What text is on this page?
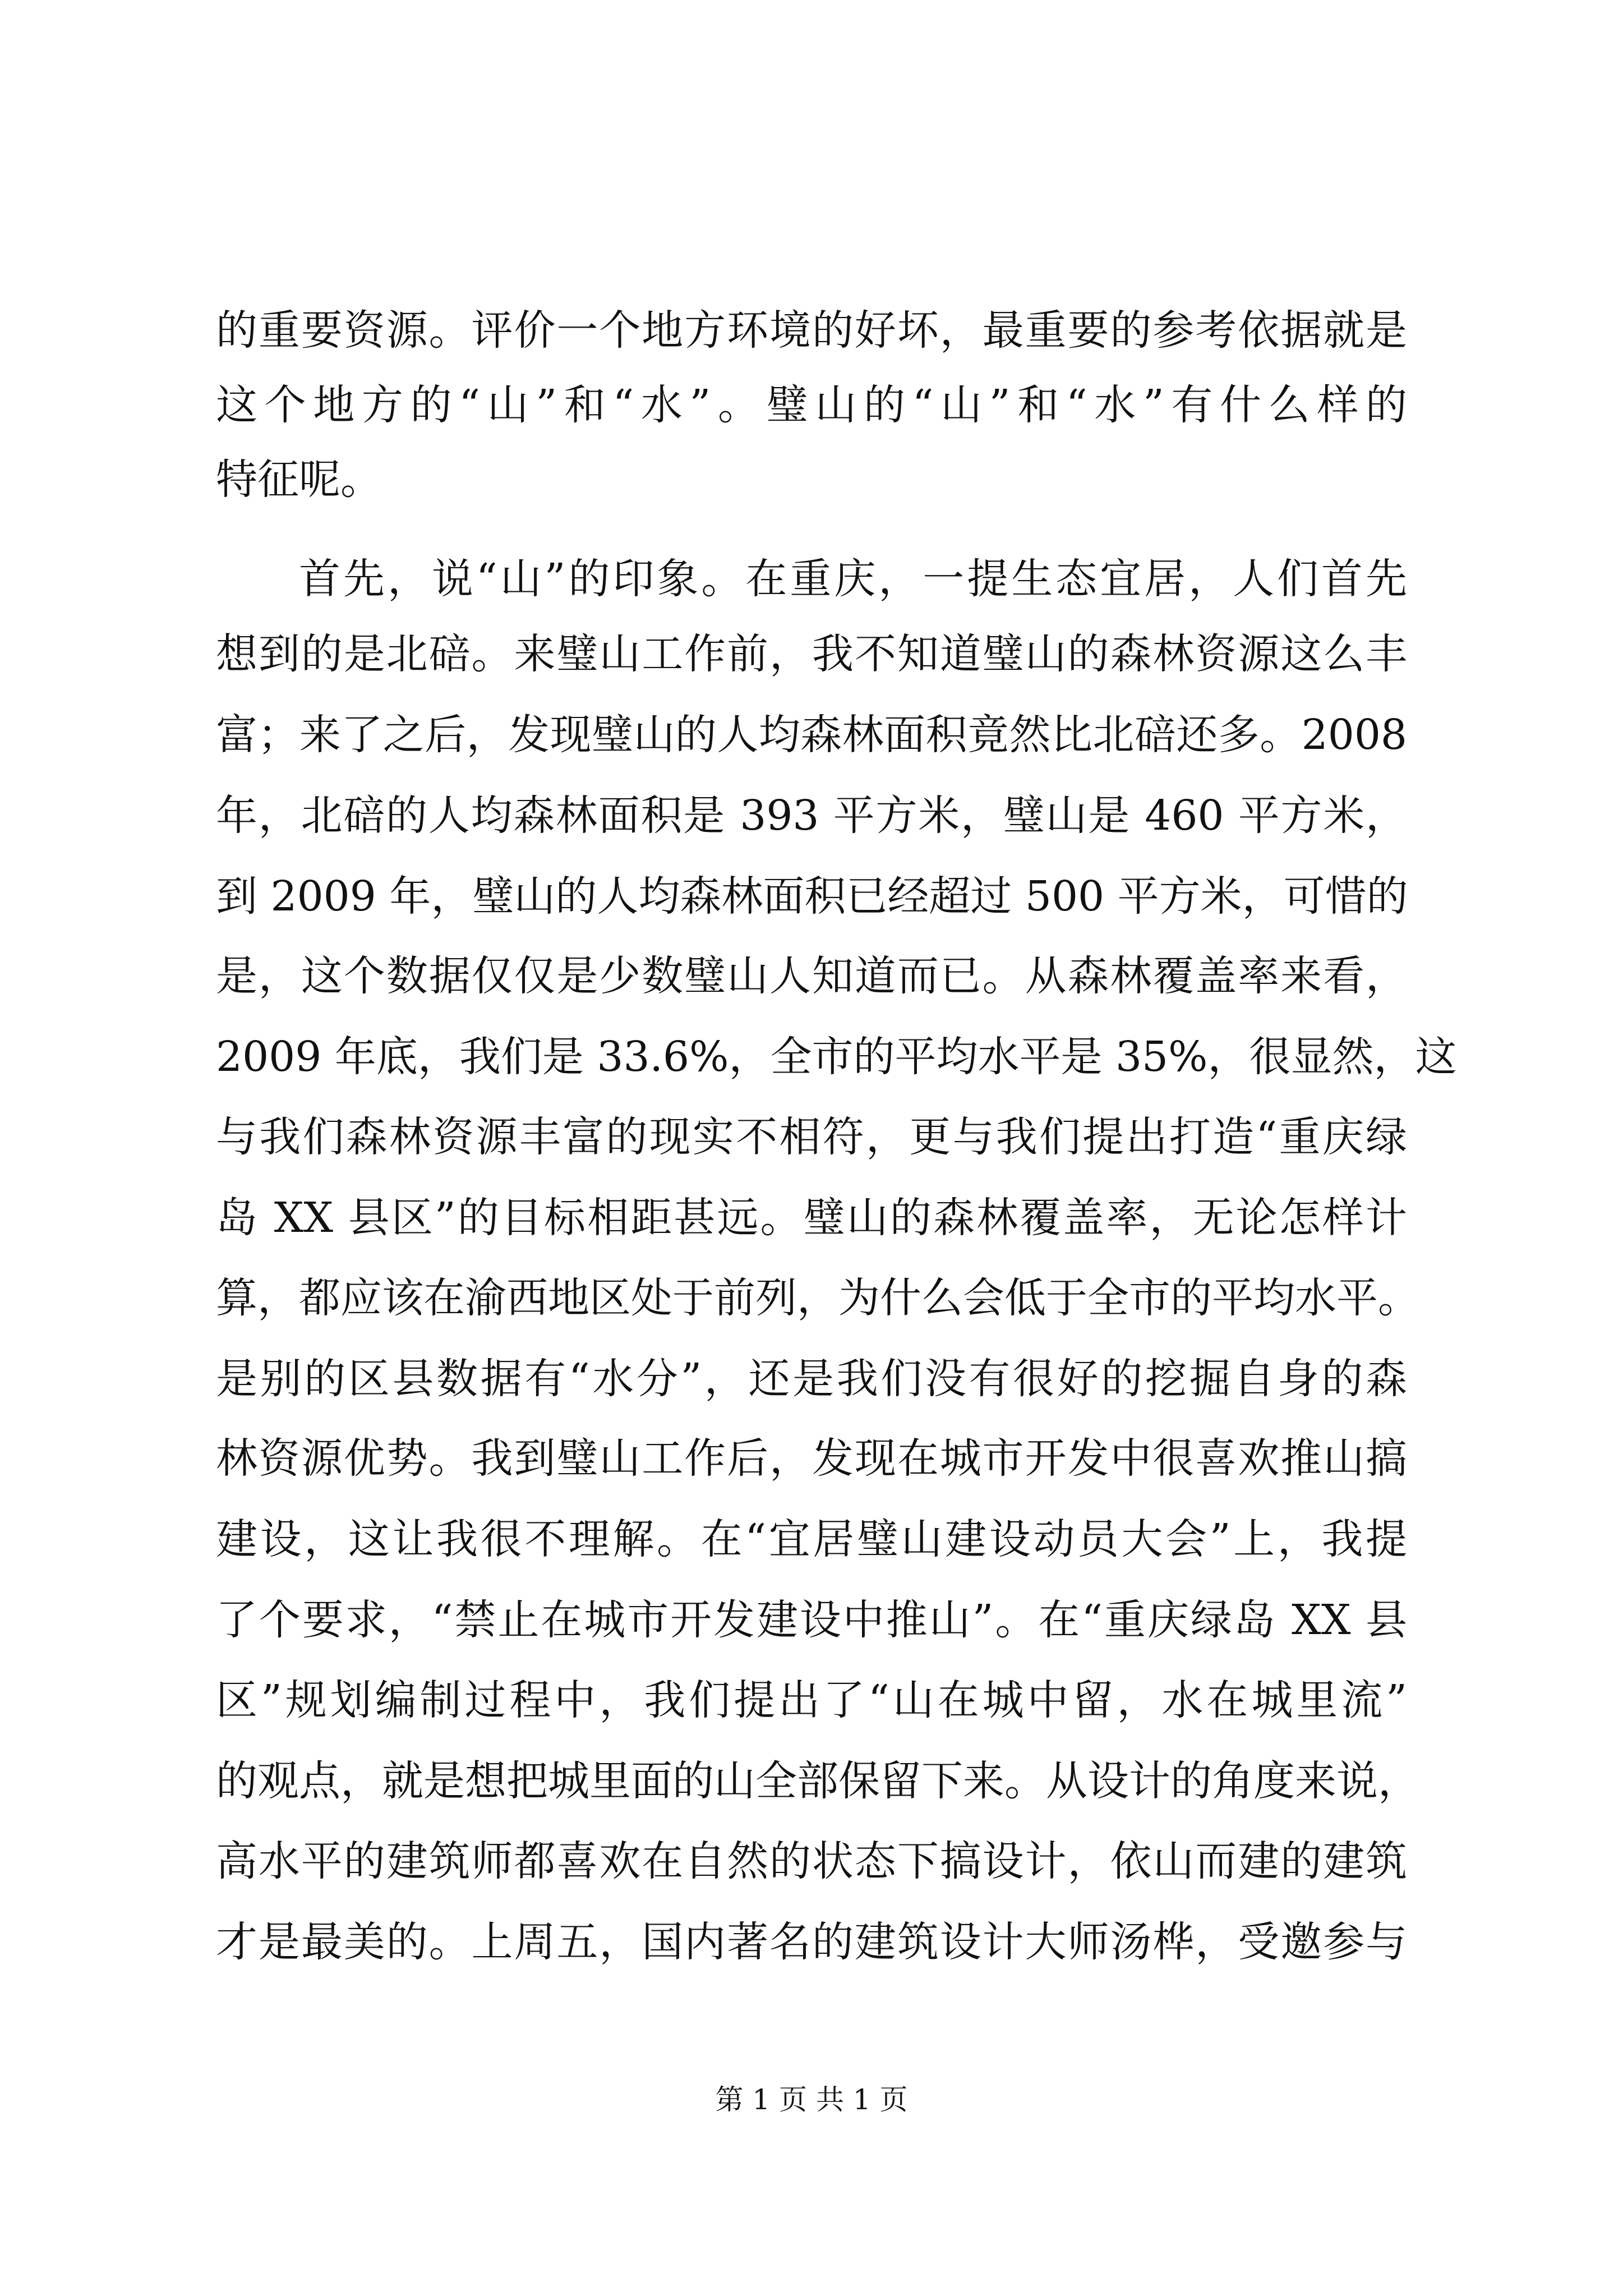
的重要资源。评价一个地方环境的好坏，最重要的参考依据就是
这个地方的“山”和“水”。璧山的“山”和“水”有什么样的
特征呢。
首先，说“山”的印象。在重庆，一提生态宜居，人们首先
想到的是北碚。来璧山工作前，我不知道璧山的森林资源这么丰
富；来了之后，发现璧山的人均森林面积竟然比北碚还多。2008
年，北碚的人均森林面积是 393 平方米，璧山是 460 平方米，
到 2009 年，璧山的人均森林面积已经超过 500 平方米，可惜的
是，这个数据仅仅是少数璧山人知道而已。从森林覆盖率来看，
2009 年底，我们是 33.6%，全市的平均水平是 35%，很显然，这
与我们森林资源丰富的现实不相符，更与我们提出打造“重庆绿
岛 XX 县区”的目标相距甚远。璧山的森林覆盖率，无论怎样计
算，都应该在渝西地区处于前列，为什么会低于全市的平均水平。
是别的区县数据有“水分”，还是我们没有很好的挖掘自身的森
林资源优势。我到璧山工作后，发现在城市开发中很喜欢推山搞
建设，这让我很不理解。在“宜居璧山建设动员大会”上，我提
了个要求，“禁止在城市开发建设中推山”。在“重庆绿岛 XX 县
区”规划编制过程中，我们提出了“山在城中留，水在城里流”
的观点，就是想把城里面的山全部保留下来。从设计的角度来说，
高水平的建筑师都喜欢在自然的状态下搞设计，依山而建的建筑
才是最美的。上周五，国内著名的建筑设计大师汤桦，受邀参与
第 1 页 共 1 页
